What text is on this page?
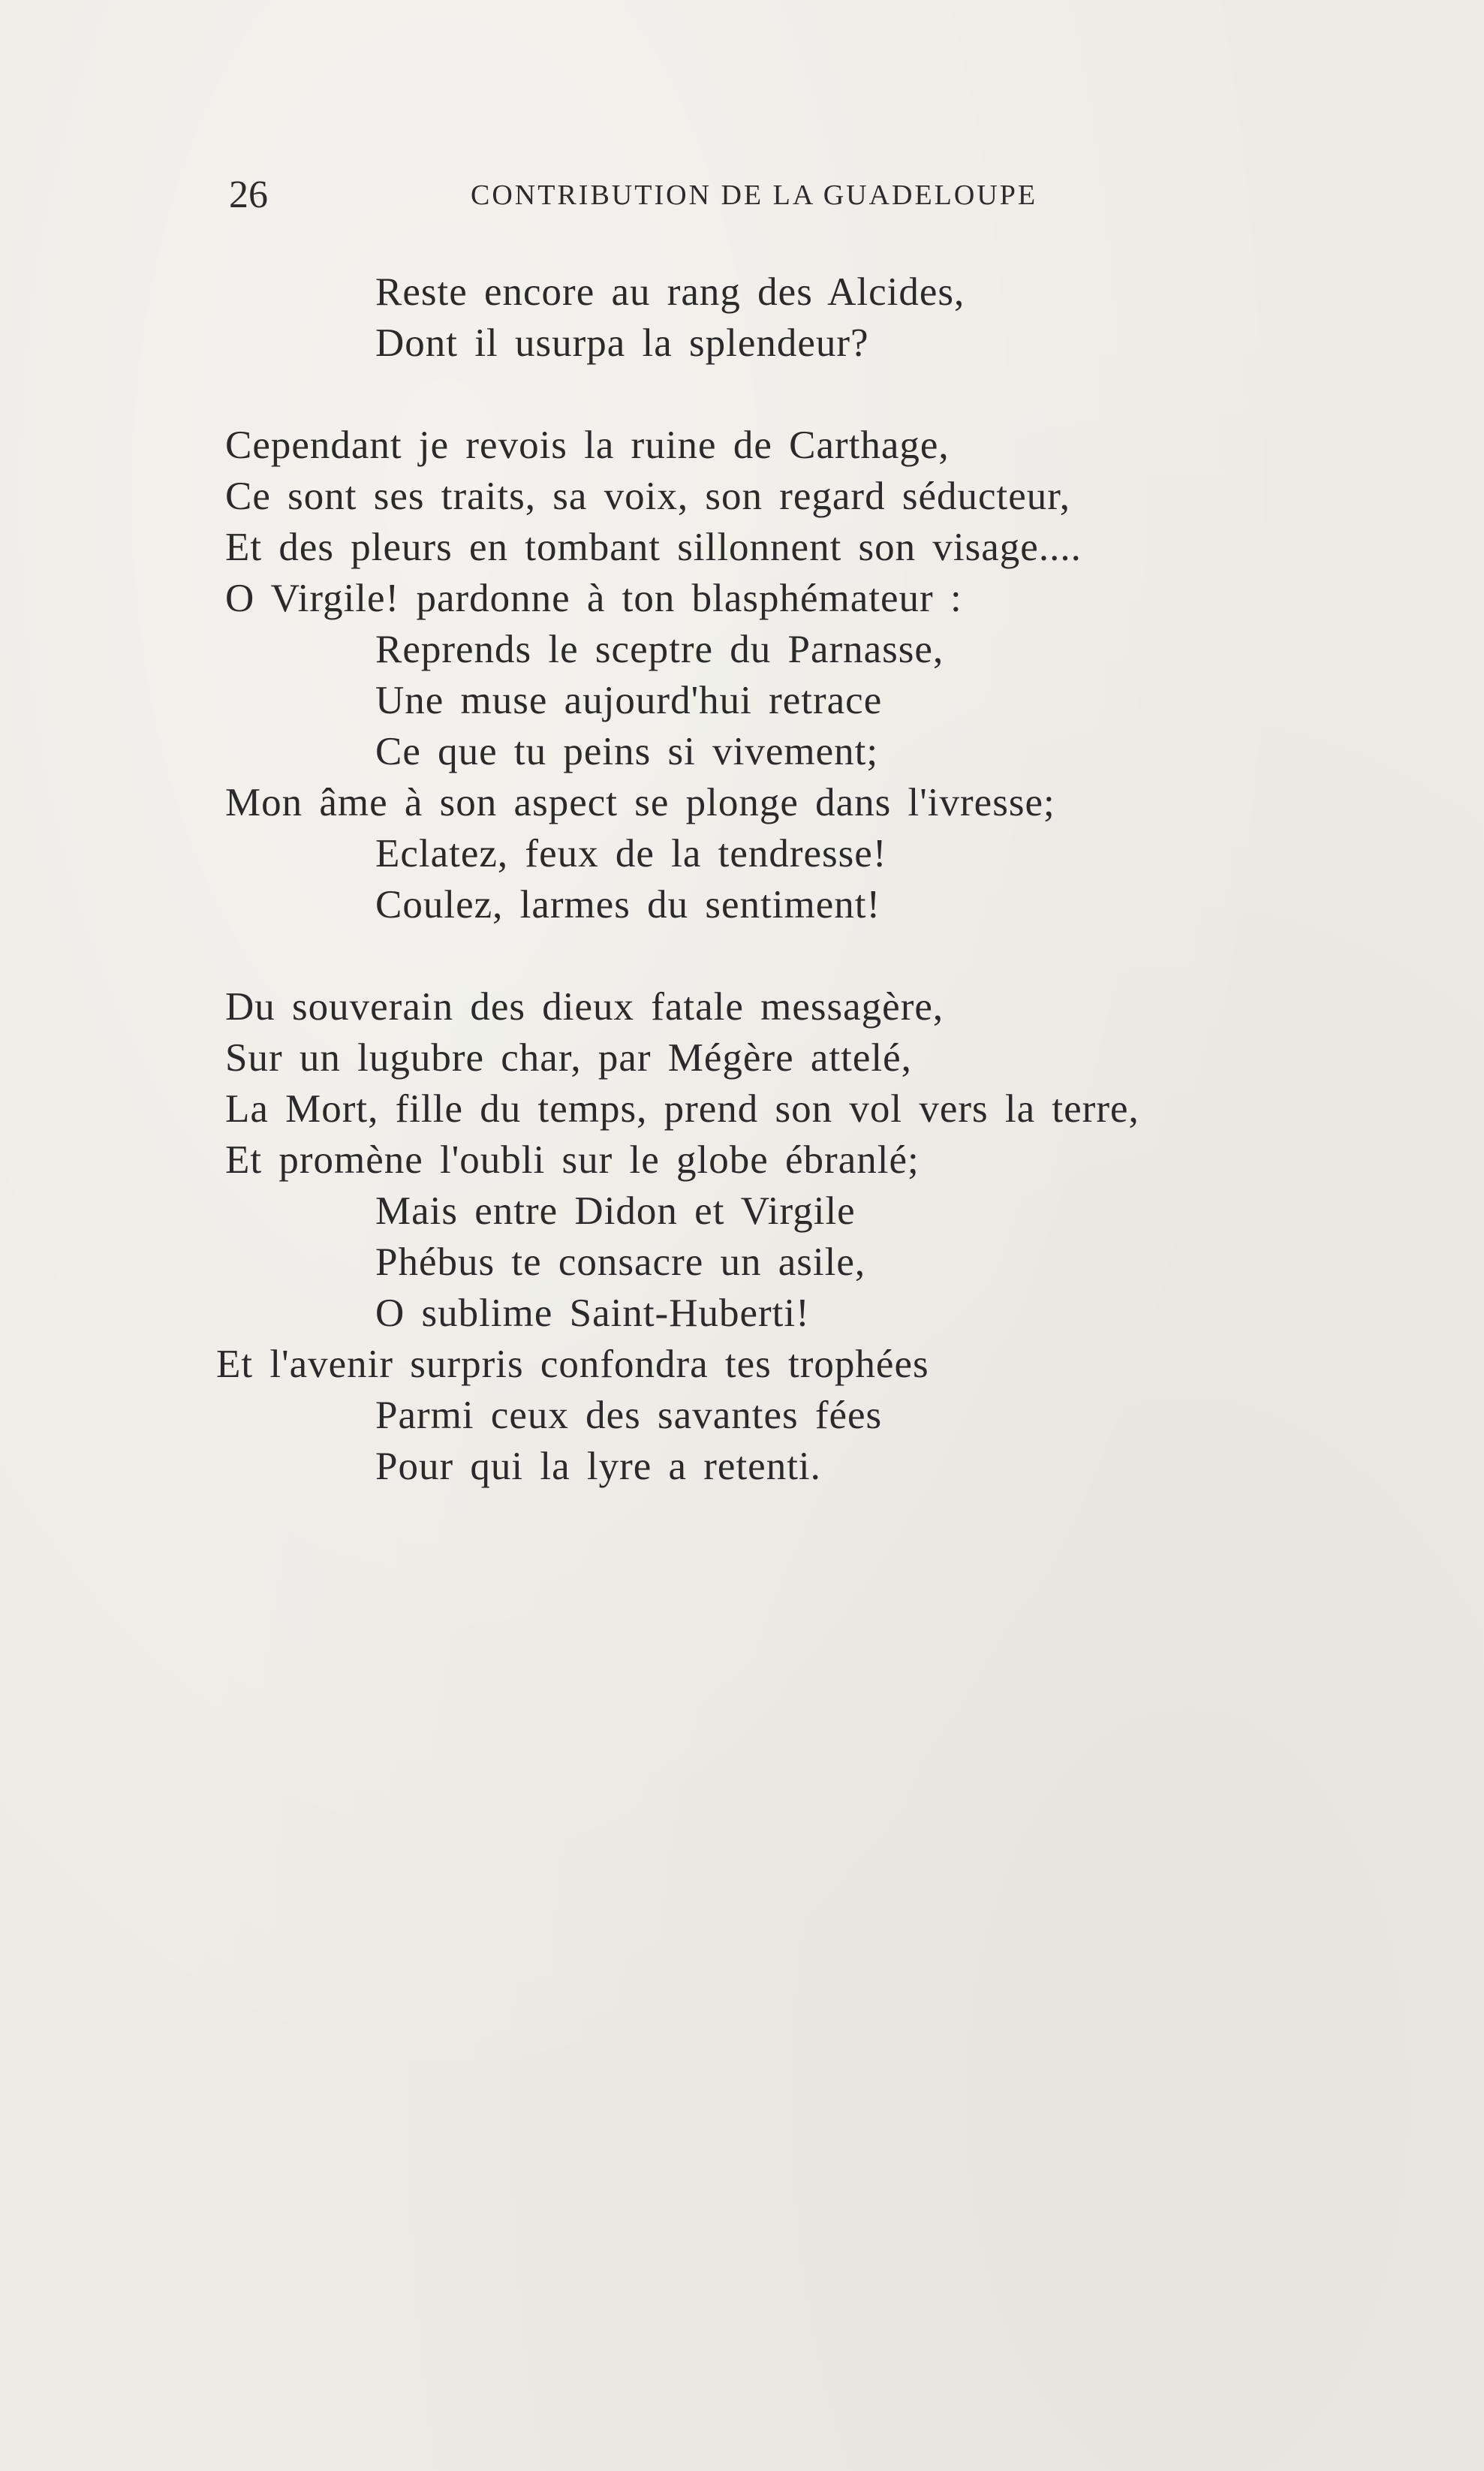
26	CONTRIBUTION DE LA GUADELOUPE
Reste encore au rang des Alcides,
Dont il usurpa la splendeur?
Cependant je revois la ruine de Carthage,
Ce sont ses traits, sa voix, son regard séducteur,
Et des pleurs en tombant sillonnent son visage....
O Virgile! pardonne à ton blasphémateur :
Reprends le sceptre du Parnasse,
Une muse aujourd'hui retrace
Ce que tu peins si vivement;
Mon âme à son aspect se plonge dans l'ivresse;
Eclatez, feux de la tendresse!
Coulez, larmes du sentiment!
Du souverain des dieux fatale messagère,
Sur un lugubre char, par Mégère attelé,
La Mort, fille du temps, prend son vol vers la terre,
Et promène l'oubli sur le globe ébranlé;
Mais entre Didon et Virgile
Phébus te consacre un asile,
O sublime Saint-Huberti!
Et l'avenir surpris confondra tes trophées
Parmi ceux des savantes fées
Pour qui la lyre a retenti.
